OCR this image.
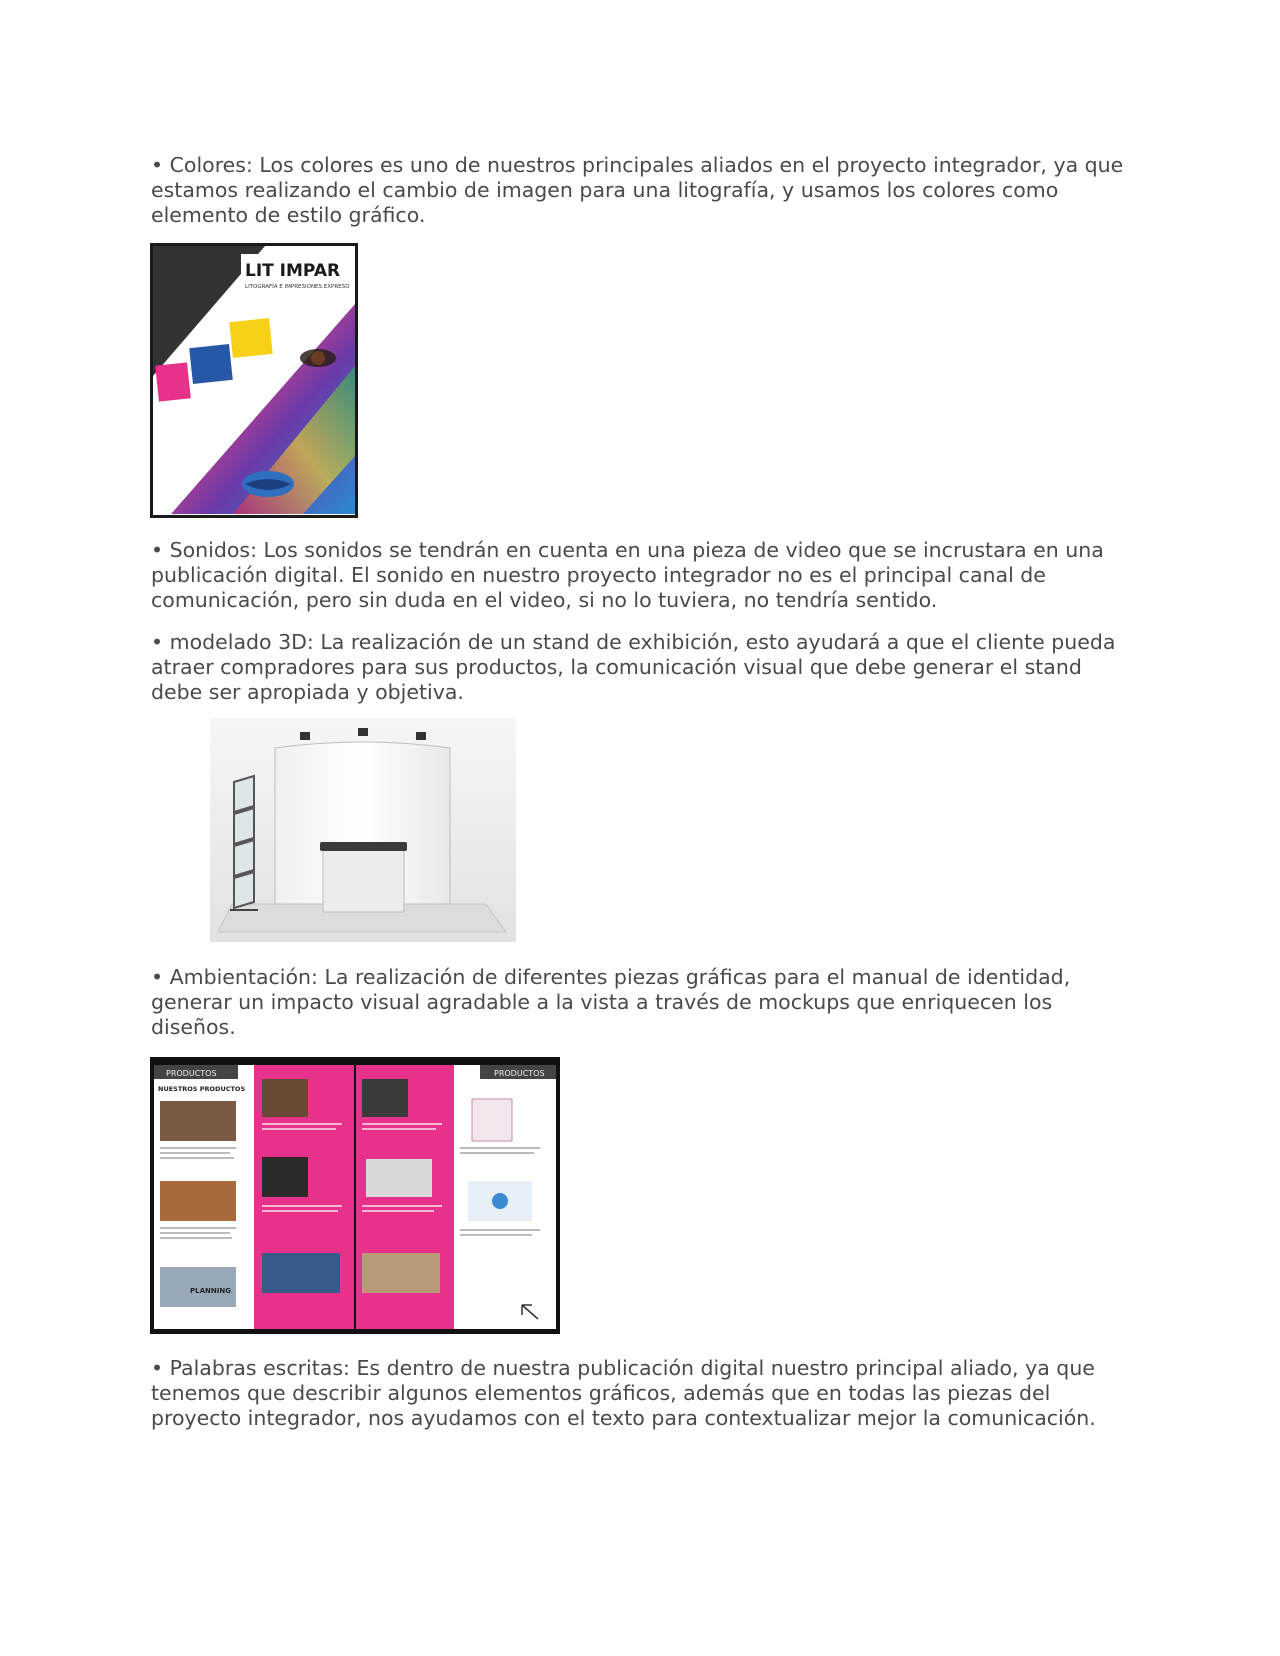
• Colores: Los colores es uno de nuestros principales aliados en el proyecto integrador, ya que estamos realizando el cambio de imagen para una litografía, y usamos los colores como elemento de estilo gráfico.

LIT IMPAR
LITOGRAFÍA E IMPRESIONES EXPRESO

• Sonidos: Los sonidos se tendrán en cuenta en una pieza de video que se incrustara en una publicación digital. El sonido en nuestro proyecto integrador no es el principal canal de comunicación, pero sin duda en el video, si no lo tuviera, no tendría sentido.

• modelado 3D: La realización de un stand de exhibición, esto ayudará a que el cliente pueda atraer compradores para sus productos, la comunicación visual que debe generar el stand debe ser apropiada y objetiva.

• Ambientación: La realización de diferentes piezas gráficas para el manual de identidad, generar un impacto visual agradable a la vista a través de mockups que enriquecen los diseños.

PRODUCTOS	PRODUCTOS
NUESTROS PRODUCTOS
PLANNING

• Palabras escritas: Es dentro de nuestra publicación digital nuestro principal aliado, ya que tenemos que describir algunos elementos gráficos, además que en todas las piezas del proyecto integrador, nos ayudamos con el texto para contextualizar mejor la comunicación.
